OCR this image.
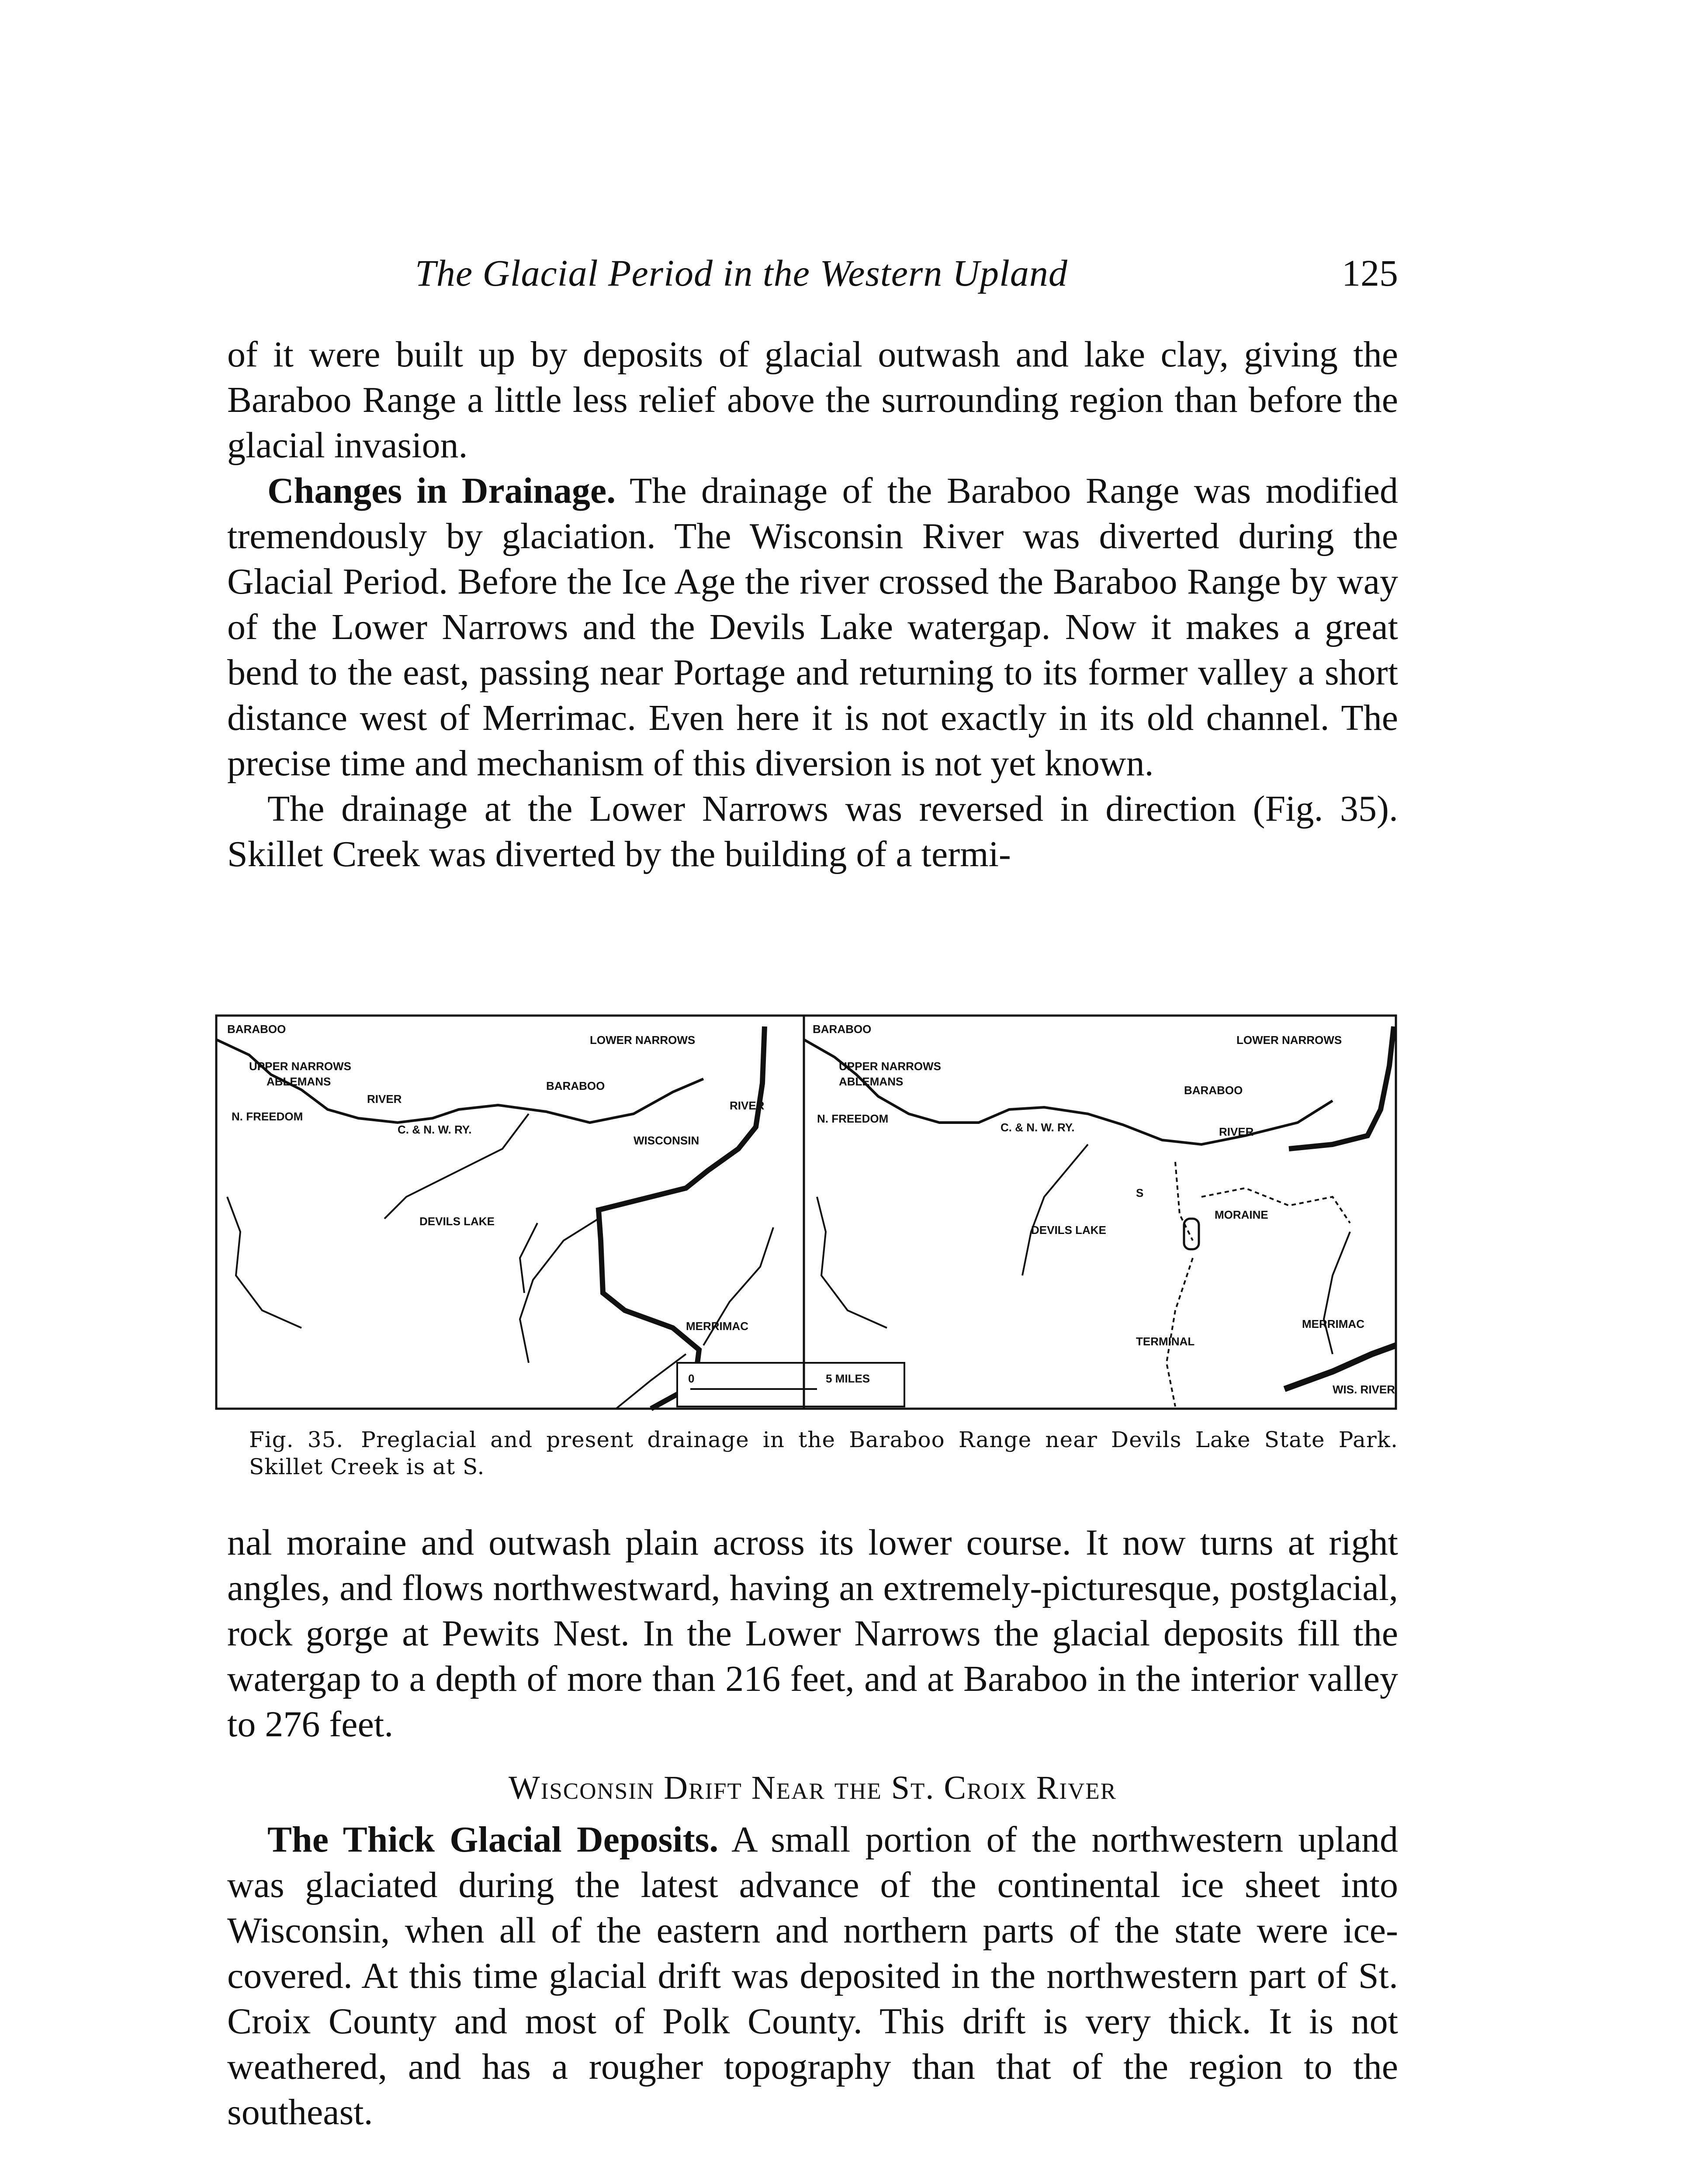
The Glacial Period in the Western Upland	125

of it were built up by deposits of glacial outwash and lake clay, giving the Baraboo Range a little less relief above the surrounding region than before the glacial invasion.

Changes in Drainage. The drainage of the Baraboo Range was modified tremendously by glaciation. The Wisconsin River was diverted during the Glacial Period. Before the Ice Age the river crossed the Baraboo Range by way of the Lower Narrows and the Devils Lake watergap. Now it makes a great bend to the east, passing near Portage and returning to its former valley a short distance west of Merrimac. Even here it is not exactly in its old channel. The precise time and mechanism of this diversion is not yet known.

The drainage at the Lower Narrows was reversed in direction (Fig. 35). Skillet Creek was diverted by the building of a termi-

BARABOO
LOWER NARROWS
UPPER NARROWS
ABLEMANS	BARABOO
N. FREEDOM
RIVER
C. & N. W. RY.
WISCONSIN
RIVER
DEVILS LAKE
MERRIMAC
0	5 MILES
BARABOO
LOWER NARROWS
UPPER NARROWS
ABLEMANS
BARABOO
N. FREEDOM
C. & N. W. RY.	RIVER
S
MORAINE
DEVILS LAKE
TERMINAL
MERRIMAC
WIS. RIVER
Fig. 35. Preglacial and present drainage in the Baraboo Range near Devils Lake State Park. Skillet Creek is at S.

nal moraine and outwash plain across its lower course. It now turns at right angles, and flows northwestward, having an extremely-picturesque, postglacial, rock gorge at Pewits Nest. In the Lower Narrows the glacial deposits fill the watergap to a depth of more than 216 feet, and at Baraboo in the interior valley to 276 feet.

Wisconsin Drift Near the St. Croix River

The Thick Glacial Deposits. A small portion of the northwestern upland was glaciated during the latest advance of the continental ice sheet into Wisconsin, when all of the eastern and northern parts of the state were ice-covered. At this time glacial drift was deposited in the northwestern part of St. Croix County and most of Polk County. This drift is very thick. It is not weathered, and has a rougher topography than that of the region to the southeast.
